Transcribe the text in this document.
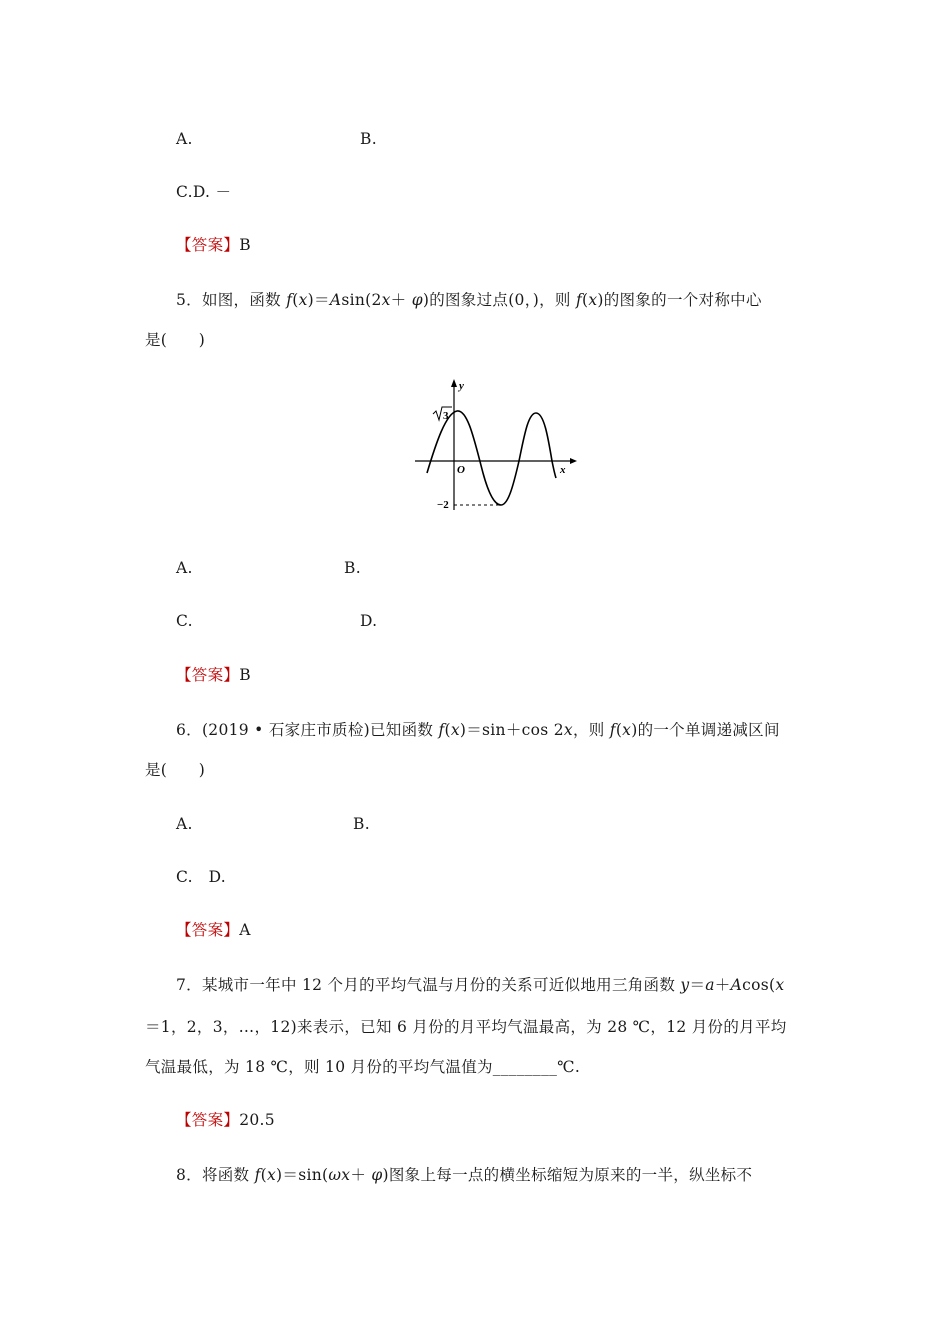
A.	B.
C.D. －
【答案】B
5．如图，函数 f(x)＝Asin(2x＋ φ)的图象过点(0，)，则 f(x)的图象的一个对称中心
是(　　)
y
x
O
3
−2
A.	B.
C.	D.
【答案】B
6．(2019 • 石家庄市质检)已知函数 f(x)＝sin＋cos 2x，则 f(x)的一个单调递减区间
是(　　)
A.	B.
C.　D.
【答案】A
7．某城市一年中 12 个月的平均气温与月份的关系可近似地用三角函数 y＝a＋Acos(x
＝1，2，3，…，12)来表示，已知 6 月份的月平均气温最高，为 28 ℃，12 月份的月平均
气温最低，为 18 ℃，则 10 月份的平均气温值为________℃.
【答案】20.5
8．将函数 f(x)＝sin(ωx＋ φ)图象上每一点的横坐标缩短为原来的一半，纵坐标不
